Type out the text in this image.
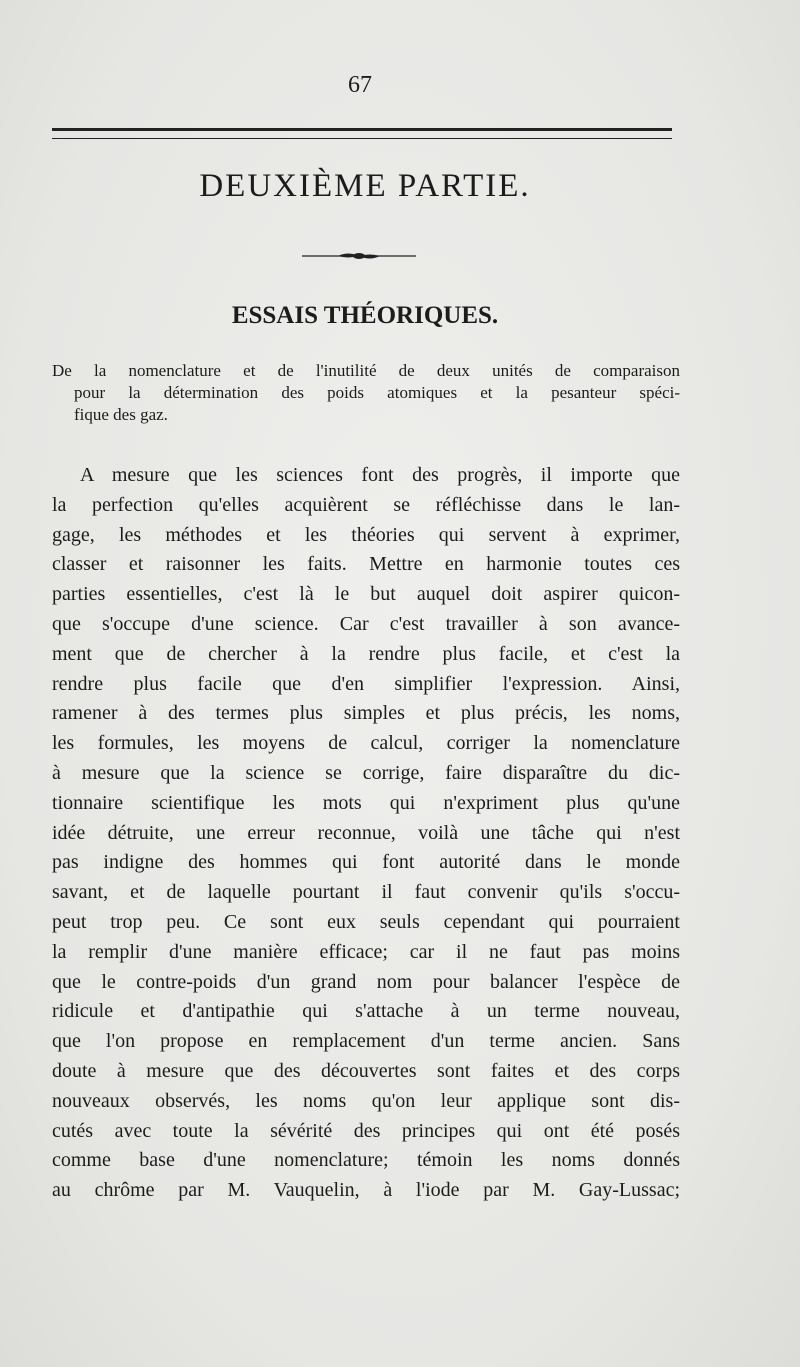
67
DEUXIÈME PARTIE.
ESSAIS THÉORIQUES.
De la nomenclature et de l'inutilité de deux unités de comparaison
pour la détermination des poids atomiques et la pesanteur spéci-
fique des gaz.
A mesure que les sciences font des progrès, il importe que
la perfection qu'elles acquièrent se réfléchisse dans le lan-
gage, les méthodes et les théories qui servent à exprimer,
classer et raisonner les faits. Mettre en harmonie toutes ces
parties essentielles, c'est là le but auquel doit aspirer quicon-
que s'occupe d'une science. Car c'est travailler à son avance-
ment que de chercher à la rendre plus facile, et c'est la
rendre plus facile que d'en simplifier l'expression. Ainsi,
ramener à des termes plus simples et plus précis, les noms,
les formules, les moyens de calcul, corriger la nomenclature
à mesure que la science se corrige, faire disparaître du dic-
tionnaire scientifique les mots qui n'expriment plus qu'une
idée détruite, une erreur reconnue, voilà une tâche qui n'est
pas indigne des hommes qui font autorité dans le monde
savant, et de laquelle pourtant il faut convenir qu'ils s'occu-
peut trop peu. Ce sont eux seuls cependant qui pourraient
la remplir d'une manière efficace; car il ne faut pas moins
que le contre-poids d'un grand nom pour balancer l'espèce de
ridicule et d'antipathie qui s'attache à un terme nouveau,
que l'on propose en remplacement d'un terme ancien. Sans
doute à mesure que des découvertes sont faites et des corps
nouveaux observés, les noms qu'on leur applique sont dis-
cutés avec toute la sévérité des principes qui ont été posés
comme base d'une nomenclature; témoin les noms donnés
au chrôme par M. Vauquelin, à l'iode par M. Gay-Lussac;
